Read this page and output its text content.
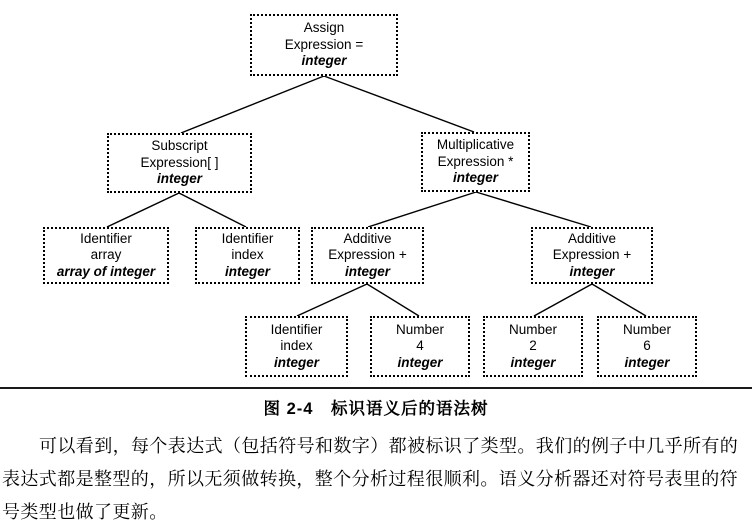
Assign
Expression =
integer
Subscript
Expression[ ]
integer
Multiplicative
Expression *
integer
Identifier
array
array of integer
Identifier
index
integer
Additive
Expression +
integer
Additive
Expression +
integer
Identifier
index
integer
Number
4
integer
Number
2
integer
Number
6
integer
图 2-4　标识语义后的语法树
可以看到，每个表达式（包括符号和数字）都被标识了类型。我们的例子中几乎所有的
表达式都是整型的，所以无须做转换，整个分析过程很顺利。语义分析器还对符号表里的符
号类型也做了更新。
